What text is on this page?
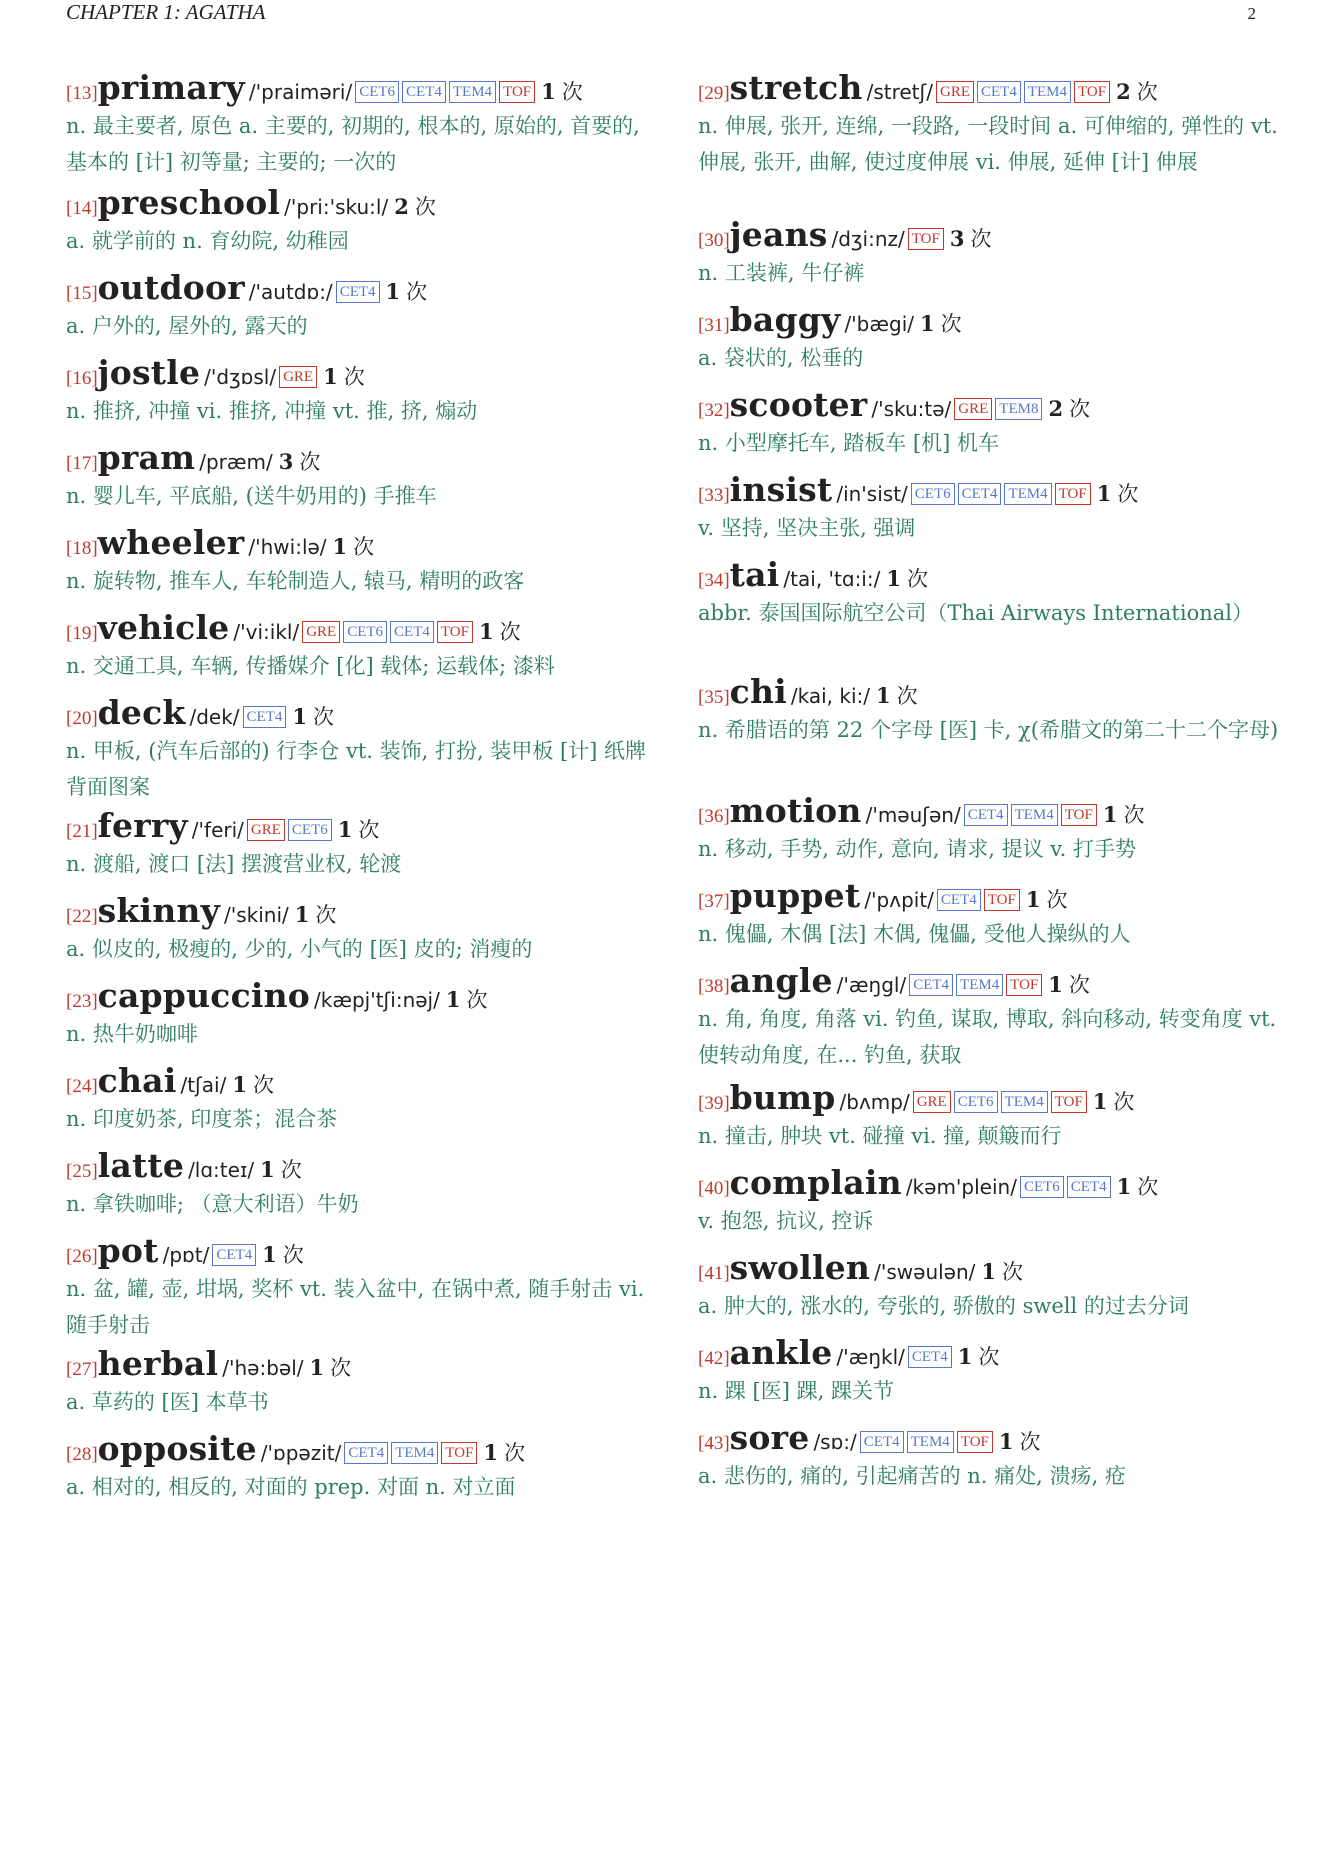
CHAPTER 1: AGATHA	2
[13]primary /'praiməri/ CET6 CET4 TEM4 TOF 1 次
n. 最主要者, 原色 a. 主要的, 初期的, 根本的, 原始的, 首要的, 基本的 [计] 初等量; 主要的; 一次的
[14]preschool /'pri:'sku:l/ 2 次
a. 就学前的 n. 育幼院, 幼稚园
[15]outdoor /'autdɒ:/ CET4 1 次
a. 户外的, 屋外的, 露天的
[16]jostle /'dʒɒsl/ GRE 1 次
n. 推挤, 冲撞 vi. 推挤, 冲撞 vt. 推, 挤, 煽动
[17]pram /præm/ 3 次
n. 婴儿车, 平底船, (送牛奶用的) 手推车
[18]wheeler /'hwi:lə/ 1 次
n. 旋转物, 推车人, 车轮制造人, 辕马, 精明的政客
[19]vehicle /'vi:ikl/ GRE CET6 CET4 TOF 1 次
n. 交通工具, 车辆, 传播媒介 [化] 载体; 运载体; 漆料
[20]deck /dek/ CET4 1 次
n. 甲板, (汽车后部的) 行李仓 vt. 装饰, 打扮, 装甲板 [计] 纸牌背面图案
[21]ferry /'feri/ GRE CET6 1 次
n. 渡船, 渡口 [法] 摆渡营业权, 轮渡
[22]skinny /'skini/ 1 次
a. 似皮的, 极瘦的, 少的, 小气的 [医] 皮的; 消瘦的
[23]cappuccino /kæpj'tʃi:nəj/ 1 次
n. 热牛奶咖啡
[24]chai /tʃai/ 1 次
n. 印度奶茶, 印度茶；混合茶
[25]latte /lɑ:teɪ/ 1 次
n. 拿铁咖啡; （意大利语）牛奶
[26]pot /pɒt/ CET4 1 次
n. 盆, 罐, 壶, 坩埚, 奖杯 vt. 装入盆中, 在锅中煮, 随手射击 vi. 随手射击
[27]herbal /'hə:bəl/ 1 次
a. 草药的 [医] 本草书
[28]opposite /'ɒpəzit/ CET4 TEM4 TOF 1 次
a. 相对的, 相反的, 对面的 prep. 对面 n. 对立面
[29]stretch /stretʃ/ GRE CET4 TEM4 TOF 2 次
n. 伸展, 张开, 连绵, 一段路, 一段时间 a. 可伸缩的, 弹性的 vt. 伸展, 张开, 曲解, 使过度伸展 vi. 伸展, 延伸 [计] 伸展
[30]jeans /dʒi:nz/ TOF 3 次
n. 工装裤, 牛仔裤
[31]baggy /'bægi/ 1 次
a. 袋状的, 松垂的
[32]scooter /'sku:tə/ GRE TEM8 2 次
n. 小型摩托车, 踏板车 [机] 机车
[33]insist /in'sist/ CET6 CET4 TEM4 TOF 1 次
v. 坚持, 坚决主张, 强调
[34]tai /tai, 'tɑ:i:/ 1 次
abbr. 泰国国际航空公司（Thai Airways International）
[35]chi /kai, ki:/ 1 次
n. 希腊语的第 22 个字母 [医] 卡, χ(希腊文的第二十二个字母)
[36]motion /'məuʃən/ CET4 TEM4 TOF 1 次
n. 移动, 手势, 动作, 意向, 请求, 提议 v. 打手势
[37]puppet /'pʌpit/ CET4 TOF 1 次
n. 傀儡, 木偶 [法] 木偶, 傀儡, 受他人操纵的人
[38]angle /'æŋgl/ CET4 TEM4 TOF 1 次
n. 角, 角度, 角落 vi. 钓鱼, 谋取, 博取, 斜向移动, 转变角度 vt. 使转动角度, 在... 钓鱼, 获取
[39]bump /bʌmp/ GRE CET6 TEM4 TOF 1 次
n. 撞击, 肿块 vt. 碰撞 vi. 撞, 颠簸而行
[40]complain /kəm'plein/ CET6 CET4 1 次
v. 抱怨, 抗议, 控诉
[41]swollen /'swəulən/ 1 次
a. 肿大的, 涨水的, 夸张的, 骄傲的 swell 的过去分词
[42]ankle /'æŋkl/ CET4 1 次
n. 踝 [医] 踝, 踝关节
[43]sore /sɒ:/ CET4 TEM4 TOF 1 次
a. 悲伤的, 痛的, 引起痛苦的 n. 痛处, 溃疡, 疮
